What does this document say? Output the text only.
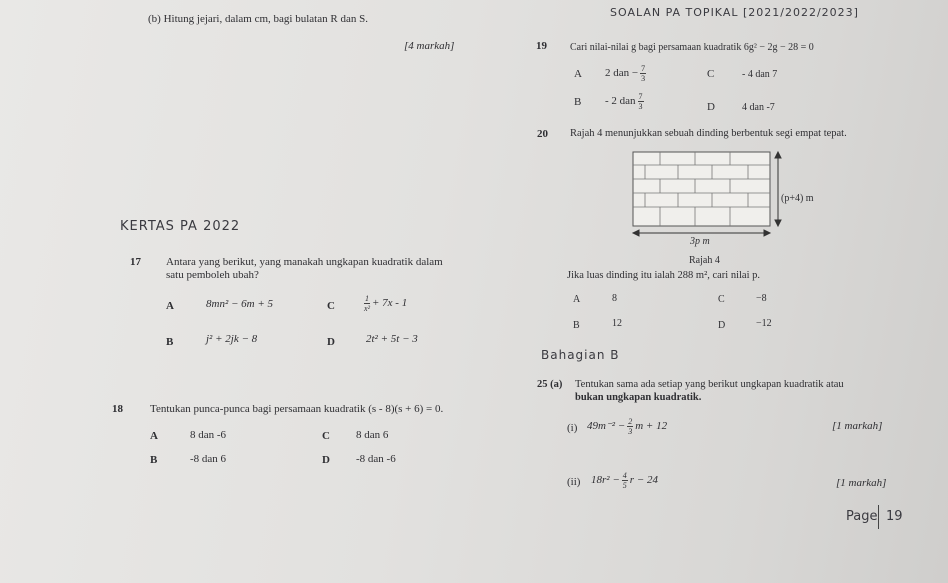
SOALAN PA TOPIKAL [2021/2022/2023]
(b) Hitung jejari, dalam cm, bagi bulatan R dan S.
[4 markah]	19 Cari nilai-nilai g bagi persamaan kuadratik 6g² − 2g − 28 = 0
A 2 dan − $\frac{7}{3}$	C	- 4 dan 7
B - 2 dan $\frac{7}{3}$	D	4 dan -7
20 Rajah 4 menunjukkan sebuah dinding berbentuk segi empat tepat.
(p+4) m
3p m
Rajah 4
Jika luas dinding itu ialah 288 m², cari nilai p.
A	8
B	12
C	−8
D	−12
KERTAS PA 2022
17 Antara yang berikut, yang manakah ungkapan kuadratik dalam
satu pemboleh ubah?
A	8mn² − 6m + 5	C	$\frac{1}{\text{x²}} + 7x - 1$
B	j² + 2jk − 8	D	2t² + 5t − 3
Bahagian B
25 (a) Tentukan sama ada setiap yang berikut ungkapan kuadratik atau
bukan ungkapan kuadratik.
(i) $49m^{-2} - \frac{2}{3}$ m + 12	[1 markah]
(ii) $18r^2 - \frac{4}{5}$ r − 24	[1 markah]
18 Tentukan punca-punca bagi persamaan kuadratik (s - 8)(s + 6) = 0.
A	8 dan -6	C 8 dan 6
B	-8 dan 6	D -8 dan -6
Page 19
